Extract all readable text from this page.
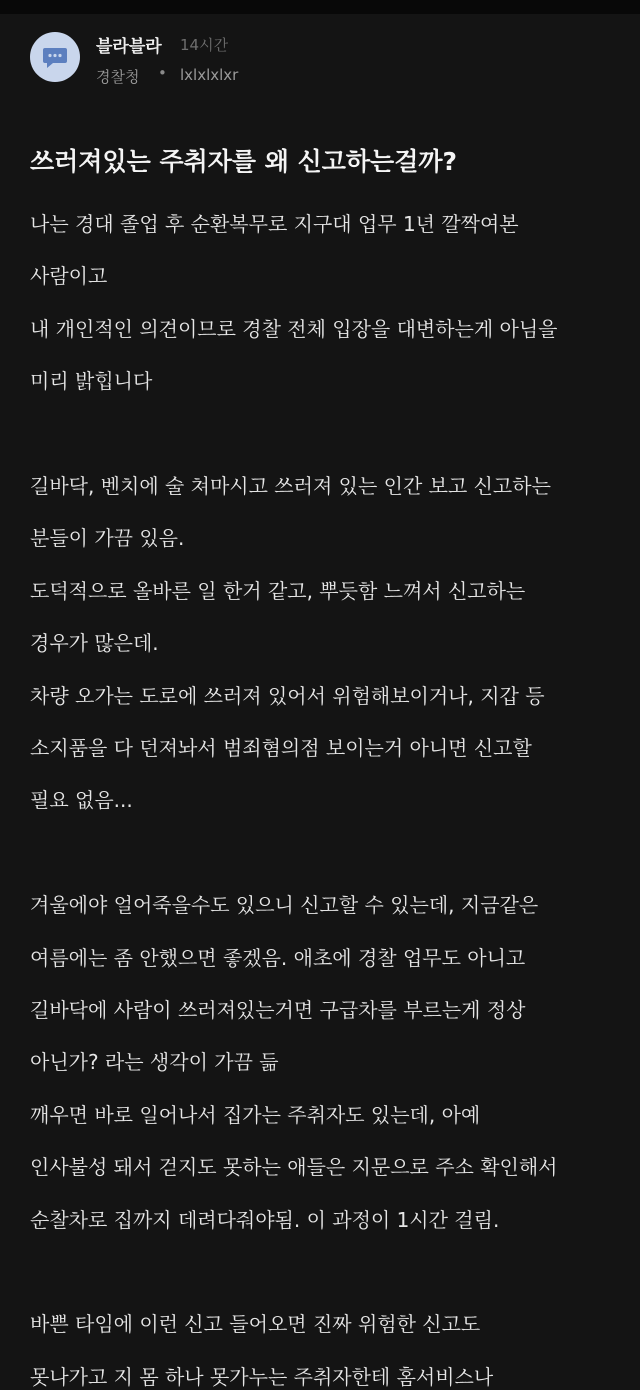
블라블라 14시간
경찰청 • lxlxlxlxr
쓰러져있는 주취자를 왜 신고하는걸까?
나는 경대 졸업 후 순환복무로 지구대 업무 1년 깔짝여본
사람이고
내 개인적인 의견이므로 경찰 전체 입장을 대변하는게 아님을
미리 밝힙니다
길바닥, 벤치에 술 쳐마시고 쓰러져 있는 인간 보고 신고하는
분들이 가끔 있음.
도덕적으로 올바른 일 한거 같고, 뿌듯함 느껴서 신고하는
경우가 많은데.
차량 오가는 도로에 쓰러져 있어서 위험해보이거나, 지갑 등
소지품을 다 던져놔서 범죄혐의점 보이는거 아니면 신고할
필요 없음...
겨울에야 얼어죽을수도 있으니 신고할 수 있는데, 지금같은
여름에는 좀 안했으면 좋겠음. 애초에 경찰 업무도 아니고
길바닥에 사람이 쓰러져있는거면 구급차를 부르는게 정상
아닌가? 라는 생각이 가끔 듦
깨우면 바로 일어나서 집가는 주취자도 있는데, 아예
인사불성 돼서 걷지도 못하는 애들은 지문으로 주소 확인해서
순찰차로 집까지 데려다줘야됨. 이 과정이 1시간 걸림.
바쁜 타임에 이런 신고 들어오면 진짜 위험한 신고도
못나가고 지 몸 하나 못가누는 주취자한테 홈서비스나
